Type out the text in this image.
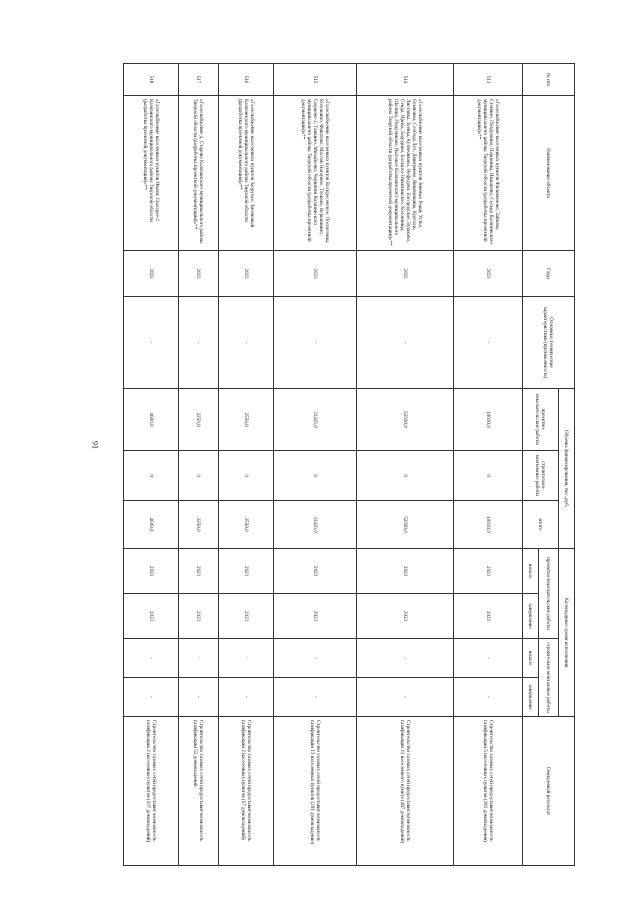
91
№ п/п	Наименование объекта	Годы	Основные технические характеристики (протяженность)	Объемы финансирования, тыс. руб.			Календарные сроки исполнения				Ожидаемый результат
				проектно-изыскательские работы	строительно-монтажные работы	итого	проектно-изыскательские работы		строительно-монтажные работы		
							начало	завершение	начало	завершение	
513	«Газоснабжение населенных пунктов Филимоново, Зайково, Степино, Петрушино, Першинка, Ивашково, Сельцо Калязинского муниципального района Тверской области (разработка проектной документации)»**	2023	-	10030,0	0	10030,0	2023	2023	-	-	Строительство газовых сетей предоставит возможность газификации 5 населенных пунктов (183 домовладения)
514	«Газоснабжение населенных пунктов Зиновье Рощи, Устье, Осиповка, Слобода Луч, Дмитриево, Якимовщина, Кругаси, Листовка, Зуевка, Кузнечиково, Нефедово, Богородское, Бушково, Сенда, Ириха, Бородино, Большое Никитинское, Колонница, Шалина, Поручиково, Высокое Калязинского муниципального района Тверской области (разработка проектной документации)»**	2023	-	52500,0	0	52500,0	2023	2023	-	-	Строительство газовых сетей предоставит возможность газификации 21 населенного пункта (487 домовладений)
515	«Газоснабжение населенных пунктов Воскресенское, Поспеловка, Колошино, Фиштово, Маслов Нагорное, Точково, Вершинино, Сюрково-2, Танкино, Михайлово, Чернягин Калязинского муниципального района Тверской области (разработка проектной документации)»**	2023	-	31425,0	0	31425,0	2023	2023	-	-	Строительство газовых сетей предоставит возможность газификации 13 населенных пунктов (291 домовладение)
516	«Газоснабжение населенных пунктов Заоручье, Змеевовый Калязинского муниципального района Тверской области (разработка проектной документации)»**	2023	-	2550,0	0	2550,0	2023	2023	-	-	Строительство газовых сетей предоставит возможность газификации 2 населенных пунктов (57 домовладений)
517	«Газоснабжение д. Старово Калязинского муниципального района Тверской области (разработка проектной документации)»**	2023	-	2250,0	0	2250,0	2023	2023	-	-	Строительство газовых сетей предоставит возможность газификации 52 домовладений
518	«Газоснабжение населенных пунктов Ивахи, Спасщее-2 Калязинского муниципального района Тверской области (разработка проектной документации)»**	2023	-	4600,0	0	4600,0	2023	2023	-	-	Строительство газовых сетей предоставит возможность газификации 2 населенных пунктов (107 домовладений)
